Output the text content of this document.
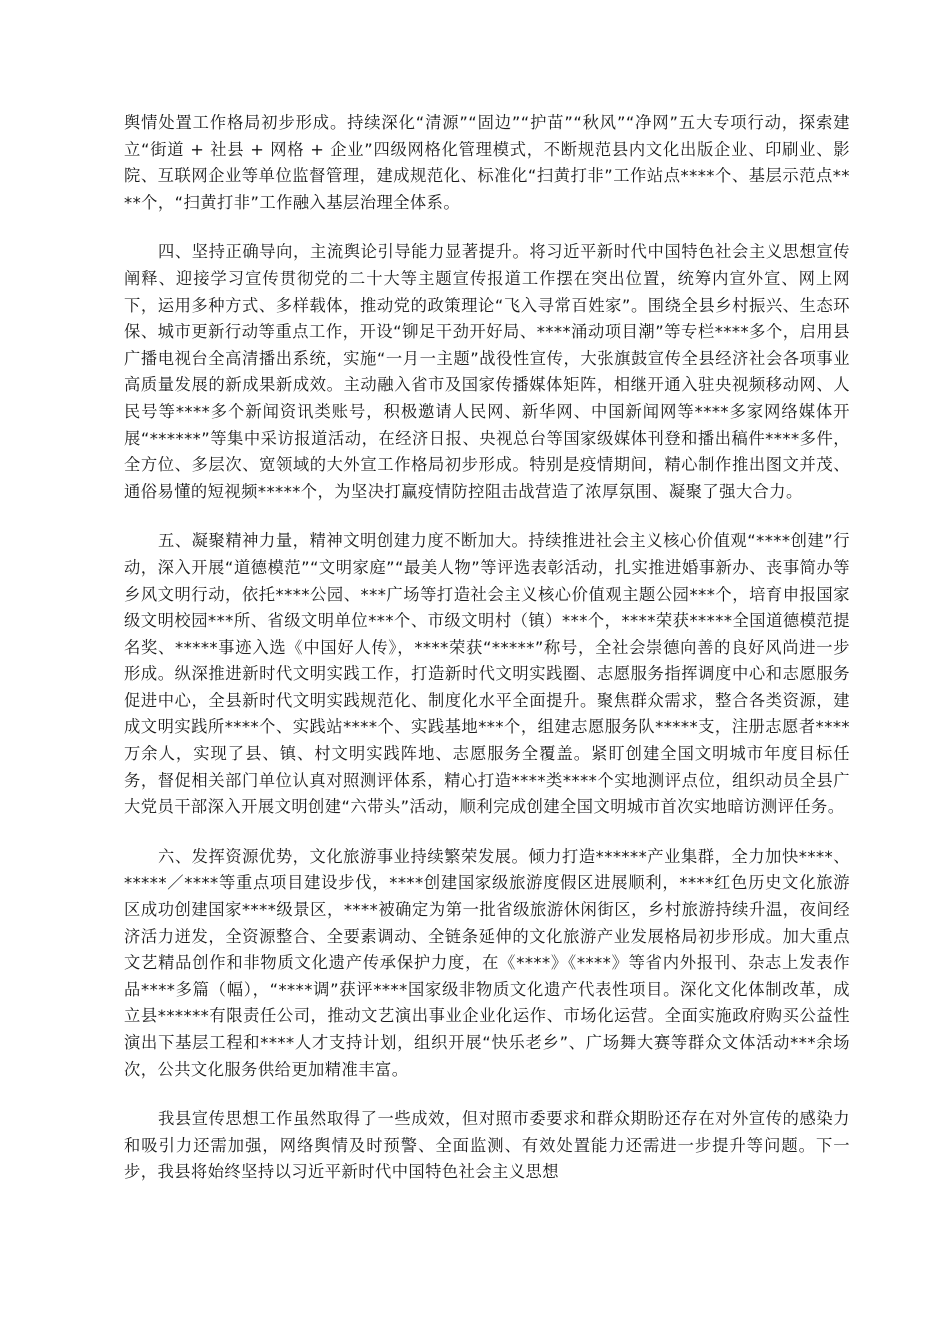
舆情处置工作格局初步形成。持续深化“清源”“固边”“护苗”“秋风”“净网”五大专项行动，探索建立“街道 + 社县 + 网格 + 企业”四级网格化管理模式，不断规范县内文化出版企业、印刷业、影院、互联网企业等单位监督管理，建成规范化、标准化“扫黄打非”工作站点****个、基层示范点****个，“扫黄打非”工作融入基层治理全体系。

四、坚持正确导向，主流舆论引导能力显著提升。将习近平新时代中国特色社会主义思想宣传阐释、迎接学习宣传贯彻党的二十大等主题宣传报道工作摆在突出位置，统筹内宣外宣、网上网下，运用多种方式、多样载体，推动党的政策理论“飞入寻常百姓家”。围绕全县乡村振兴、生态环保、城市更新行动等重点工作，开设“铆足干劲开好局、****涌动项目潮”等专栏****多个，启用县广播电视台全高清播出系统，实施“一月一主题”战役性宣传，大张旗鼓宣传全县经济社会各项事业高质量发展的新成果新成效。主动融入省市及国家传播媒体矩阵，相继开通入驻央视频移动网、人民号等****多个新闻资讯类账号，积极邀请人民网、新华网、中国新闻网等****多家网络媒体开展“******”等集中采访报道活动，在经济日报、央视总台等国家级媒体刊登和播出稿件****多件，全方位、多层次、宽领域的大外宣工作格局初步形成。特别是疫情期间，精心制作推出图文并茂、通俗易懂的短视频*****个，为坚决打赢疫情防控阻击战营造了浓厚氛围、凝聚了强大合力。

五、凝聚精神力量，精神文明创建力度不断加大。持续推进社会主义核心价值观“****创建”行动，深入开展“道德模范”“文明家庭”“最美人物”等评选表彰活动，扎实推进婚事新办、丧事简办等乡风文明行动，依托****公园、***广场等打造社会主义核心价值观主题公园***个，培育申报国家级文明校园***所、省级文明单位***个、市级文明村（镇）***个，****荣获*****全国道德模范提名奖、*****事迹入选《中国好人传》，****荣获“*****”称号，全社会崇德向善的良好风尚进一步形成。纵深推进新时代文明实践工作，打造新时代文明实践圈、志愿服务指挥调度中心和志愿服务促进中心，全县新时代文明实践规范化、制度化水平全面提升。聚焦群众需求，整合各类资源，建成文明实践所****个、实践站****个、实践基地***个，组建志愿服务队*****支，注册志愿者****万余人，实现了县、镇、村文明实践阵地、志愿服务全覆盖。紧盯创建全国文明城市年度目标任务，督促相关部门单位认真对照测评体系，精心打造****类****个实地测评点位，组织动员全县广大党员干部深入开展文明创建“六带头”活动，顺利完成创建全国文明城市首次实地暗访测评任务。

六、发挥资源优势，文化旅游事业持续繁荣发展。倾力打造******产业集群，全力加快****、*****／****等重点项目建设步伐，****创建国家级旅游度假区进展顺利，****红色历史文化旅游区成功创建国家****级景区，****被确定为第一批省级旅游休闲街区，乡村旅游持续升温，夜间经济活力迸发，全资源整合、全要素调动、全链条延伸的文化旅游产业发展格局初步形成。加大重点文艺精品创作和非物质文化遗产传承保护力度，在《****》《****》等省内外报刊、杂志上发表作品****多篇（幅），“****调”获评****国家级非物质文化遗产代表性项目。深化文化体制改革，成立县******有限责任公司，推动文艺演出事业企业化运作、市场化运营。全面实施政府购买公益性演出下基层工程和****人才支持计划，组织开展“快乐老乡”、广场舞大赛等群众文体活动***余场次，公共文化服务供给更加精准丰富。

我县宣传思想工作虽然取得了一些成效，但对照市委要求和群众期盼还存在对外宣传的感染力和吸引力还需加强，网络舆情及时预警、全面监测、有效处置能力还需进一步提升等问题。下一步，我县将始终坚持以习近平新时代中国特色社会主义思想
